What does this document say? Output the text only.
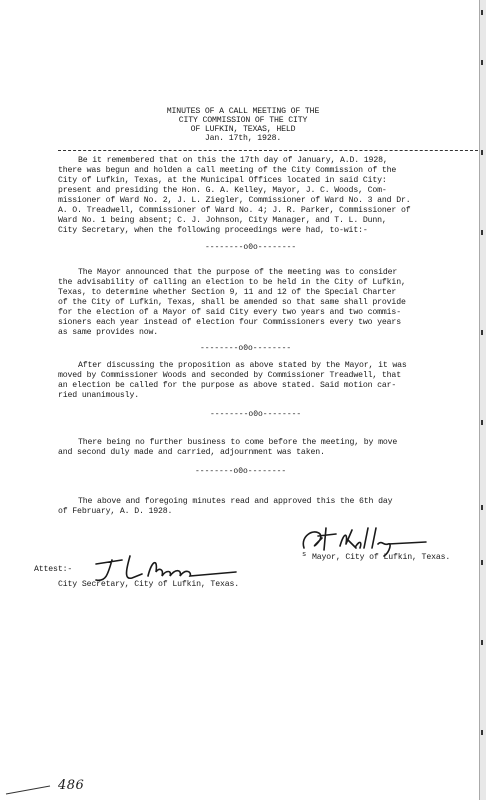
MINUTES OF A CALL MEETING OF THE
CITY COMMISSION OF THE CITY
OF LUFKIN, TEXAS, HELD
Jan. 17th, 1928.
Be it remembered that on this the 17th day of January, A.D. 1928,
there was begun and holden a call meeting of the City Commission of the
City of Lufkin, Texas, at the Municipal Offices located in said City:
present and presiding the Hon. G. A. Kelley, Mayor, J. C. Woods, Com-
missioner of Ward No. 2, J. L. Ziegler, Commissioner of Ward No. 3 and Dr.
A. O. Treadwell, Commissioner of Ward No. 4; J. R. Parker, Commissioner of
Ward No. 1 being absent; C. J. Johnson, City Manager, and T. L. Dunn,
City Secretary, when the following proceedings were had, to-wit:-
--------o0o--------
The Mayor announced that the purpose of the meeting was to consider
the advisability of calling an election to be held in the City of Lufkin,
Texas, to determine whether Section 9, 11 and 12 of the Special Charter
of the City of Lufkin, Texas, shall be amended so that same shall provide
for the election of a Mayor of said City every two years and two commis-
sioners each year instead of election four Commissioners every two years
as same provides now.
--------o0o--------
After discussing the proposition as above stated by the Mayor, it was
moved by Commissioner Woods and seconded by Commissioner Treadwell, that
an election be called for the purpose as above stated. Said motion car-
ried unanimously.
--------o0o--------
There being no further business to come before the meeting, by move
and second duly made and carried, adjournment was taken.
--------o0o--------
The above and foregoing minutes read and approved this the 6th day
of February, A. D. 1928.
s Mayor, City of Lufkin, Texas.
Attest:-
City Secretary, City of Lufkin, Texas.
486
